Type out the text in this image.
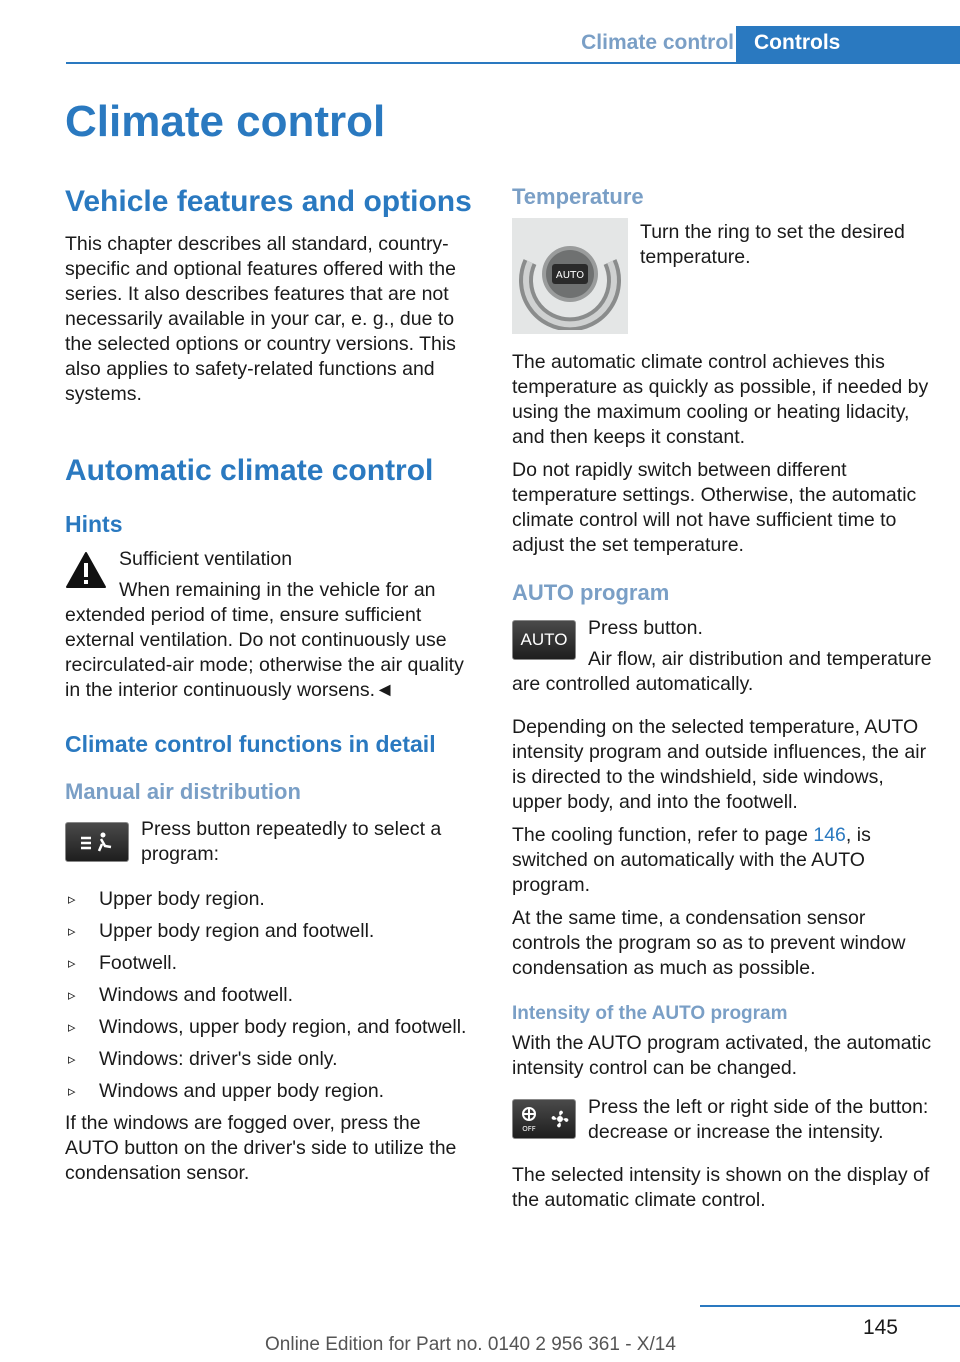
Climate control Controls
Climate control
Vehicle features and options

This chapter describes all standard, country-specific and optional features offered with the series. It also describes features that are not necessarily available in your car, e. g., due to the selected options or country versions. This also applies to safety-related functions and systems.

Automatic climate control
Hints

Sufficient ventilation

When remaining in the vehicle for an extended period of time, ensure sufficient external ventilation. Do not continuously use recirculated-air mode; otherwise the air quality in the interior continuously worsens.◄

Climate control functions in detail
Manual air distribution

Press button repeatedly to select a program:

▹ Upper body region.
▹ Upper body region and footwell.
▹ Footwell.
▹ Windows and footwell.
▹ Windows, upper body region, and footwell.
▹ Windows: driver's side only.
▹ Windows and upper body region.

If the windows are fogged over, press the AUTO button on the driver's side to utilize the condensation sensor.

Temperature
AUTO

Turn the ring to set the desired temperature.

The automatic climate control achieves this temperature as quickly as possible, if needed by using the maximum cooling or heating lidacity, and then keeps it constant.

Do not rapidly switch between different temperature settings. Otherwise, the automatic climate control will not have sufficient time to adjust the set temperature.

AUTO program
AUTO

Press button.

Air flow, air distribution and temperature are controlled automatically.

Depending on the selected temperature, AUTO intensity program and outside influences, the air is directed to the windshield, side windows, upper body, and into the footwell.

The cooling function, refer to page 146, is switched on automatically with the AUTO program.

At the same time, a condensation sensor controls the program so as to prevent window condensation as much as possible.

Intensity of the AUTO program

With the AUTO program activated, the automatic intensity control can be changed.

OFF

Press the left or right side of the button: decrease or increase the intensity.

The selected intensity is shown on the display of the automatic climate control.

145
Online Edition for Part no. 0140 2 956 361 - X/14
